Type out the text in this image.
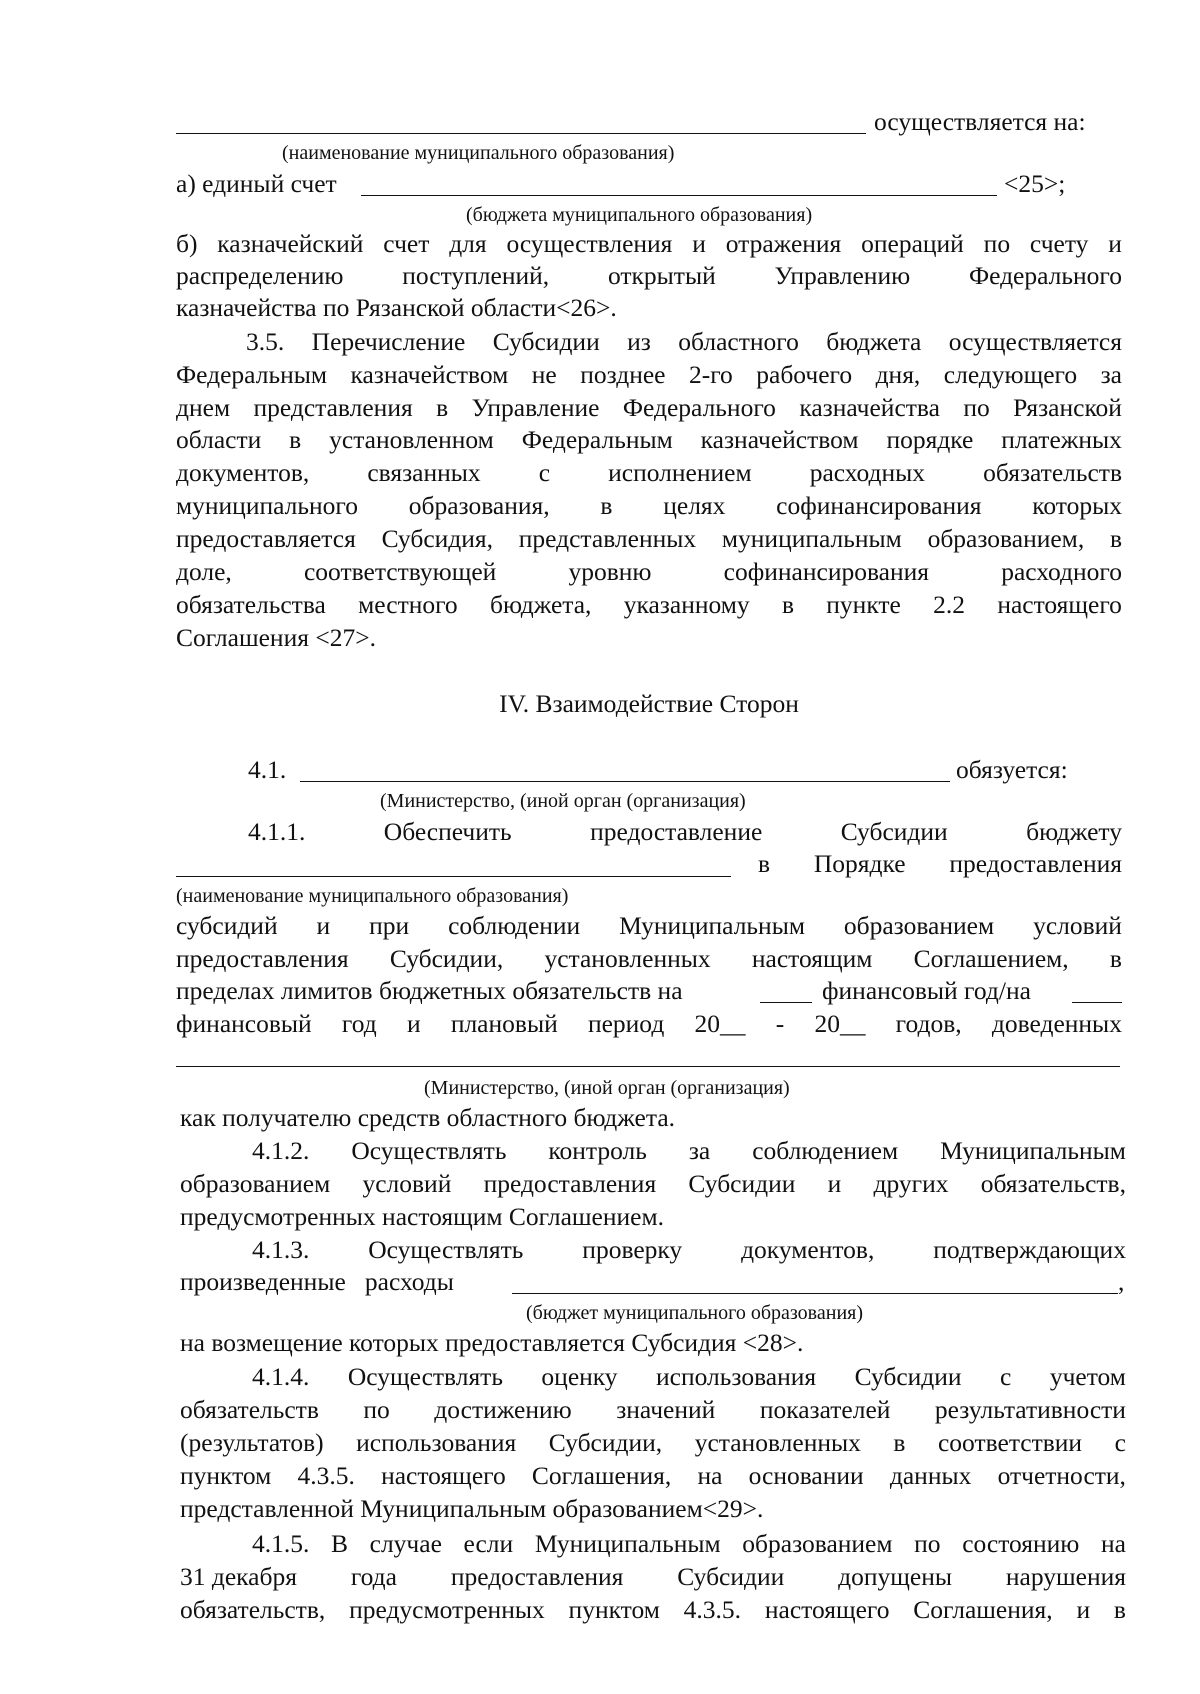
осуществляется на:

(наименование муниципального образования)

а) единый счет	<25>;

(бюджета муниципального образования)

б) казначейский счет для осуществления и отражения операций по счету и

распределению поступлений, открытый Управлению Федерального

казначейства по Рязанской области<26>.

3.5. Перечисление Субсидии из областного бюджета осуществляется

Федеральным казначейством не позднее 2-го рабочего дня, следующего за

днем представления в Управление Федерального казначейства по Рязанской

области в установленном Федеральным казначейством порядке платежных

документов, связанных с исполнением расходных обязательств

муниципального образования, в целях софинансирования которых

предоставляется Субсидия, представленных муниципальным образованием, в

доле,	соответствующей	уровню	софинансирования	расходного

обязательства местного бюджета, указанному в пункте 2.2 настоящего

Соглашения <27>.

IV. Взаимодействие Сторон

4.1.	обязуется:

(Министерство, (иной орган (организация)

4.1.1.	Обеспечить	предоставление	Субсидии	бюджету

в Порядке предоставления

(наименование муниципального образования)

субсидий и при соблюдении Муниципальным образованием условий

предоставления Субсидии, установленных настоящим Соглашением, в

пределах лимитов бюджетных обязательств на	финансовый год/на

финансовый год и плановый период 20__ - 20__ годов, доведенных

(Министерство, (иной орган (организация)

как получателю средств областного бюджета.

4.1.2. Осуществлять контроль за соблюдением Муниципальным

образованием условий предоставления Субсидии и других обязательств,

предусмотренных настоящим Соглашением.

4.1.3. Осуществлять проверку документов, подтверждающих

произведенные   расходы	,

(бюджет муниципального образования)

на возмещение которых предоставляется Субсидия <28>.

4.1.4. Осуществлять оценку использования Субсидии с учетом

обязательств по достижению значений показателей результативности

(результатов) использования Субсидии, установленных в соответствии с

пунктом 4.3.5. настоящего Соглашения, на основании данных отчетности,

представленной Муниципальным образованием<29>.

4.1.5. В случае если Муниципальным образованием по состоянию на

31 декабря года предоставления Субсидии допущены нарушения

обязательств, предусмотренных пунктом 4.3.5. настоящего Соглашения, и в
